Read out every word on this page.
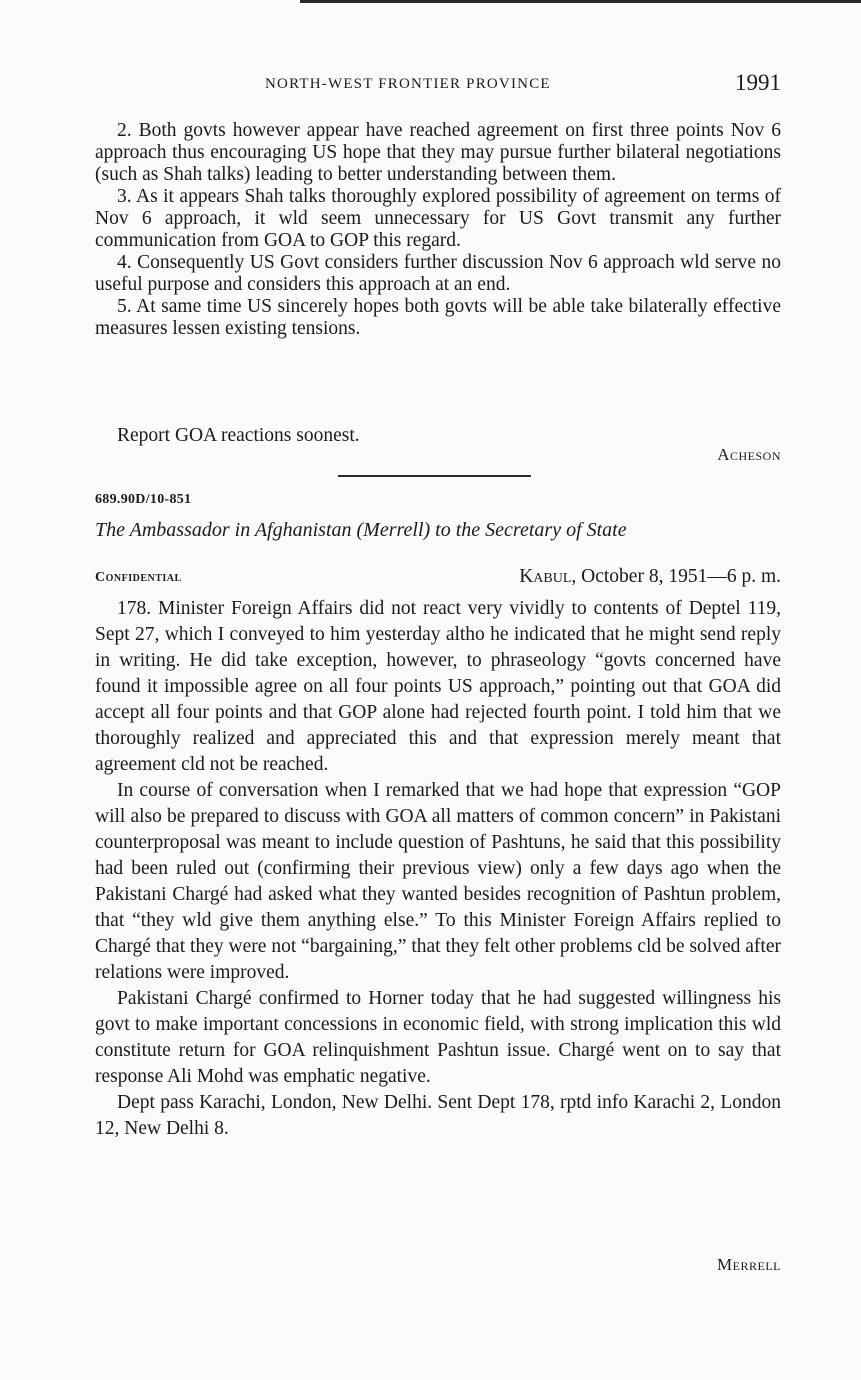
NORTH-WEST FRONTIER PROVINCE	1991

2. Both govts however appear have reached agreement on first three points Nov 6 approach thus encouraging US hope that they may pursue further bilateral negotiations (such as Shah talks) leading to better understanding between them.

3. As it appears Shah talks thoroughly explored possibility of agreement on terms of Nov 6 approach, it wld seem unnecessary for US Govt transmit any further communication from GOA to GOP this regard.

4. Consequently US Govt considers further discussion Nov 6 approach wld serve no useful purpose and considers this approach at an end.

5. At same time US sincerely hopes both govts will be able take bilaterally effective measures lessen existing tensions.

Report GOA reactions soonest.
Acheson
689.90D/10-851
The Ambassador in Afghanistan (Merrell) to the Secretary of State
Confidential	Kabul, October 8, 1951—6 p. m.

178. Minister Foreign Affairs did not react very vividly to contents of Deptel 119, Sept 27, which I conveyed to him yesterday altho he indicated that he might send reply in writing. He did take exception, however, to phraseology “govts concerned have found it impossible agree on all four points US approach,” pointing out that GOA did accept all four points and that GOP alone had rejected fourth point. I told him that we thoroughly realized and appreciated this and that expression merely meant that agreement cld not be reached.

In course of conversation when I remarked that we had hope that expression “GOP will also be prepared to discuss with GOA all matters of common concern” in Pakistani counterproposal was meant to include question of Pashtuns, he said that this possibility had been ruled out (confirming their previous view) only a few days ago when the Pakistani Chargé had asked what they wanted besides recognition of Pashtun problem, that “they wld give them anything else.” To this Minister Foreign Affairs replied to Chargé that they were not “bargaining,” that they felt other problems cld be solved after relations were improved.

Pakistani Chargé confirmed to Horner today that he had suggested willingness his govt to make important concessions in economic field, with strong implication this wld constitute return for GOA relinquishment Pashtun issue. Chargé went on to say that response Ali Mohd was emphatic negative.

Dept pass Karachi, London, New Delhi. Sent Dept 178, rptd info Karachi 2, London 12, New Delhi 8.

Merrell
